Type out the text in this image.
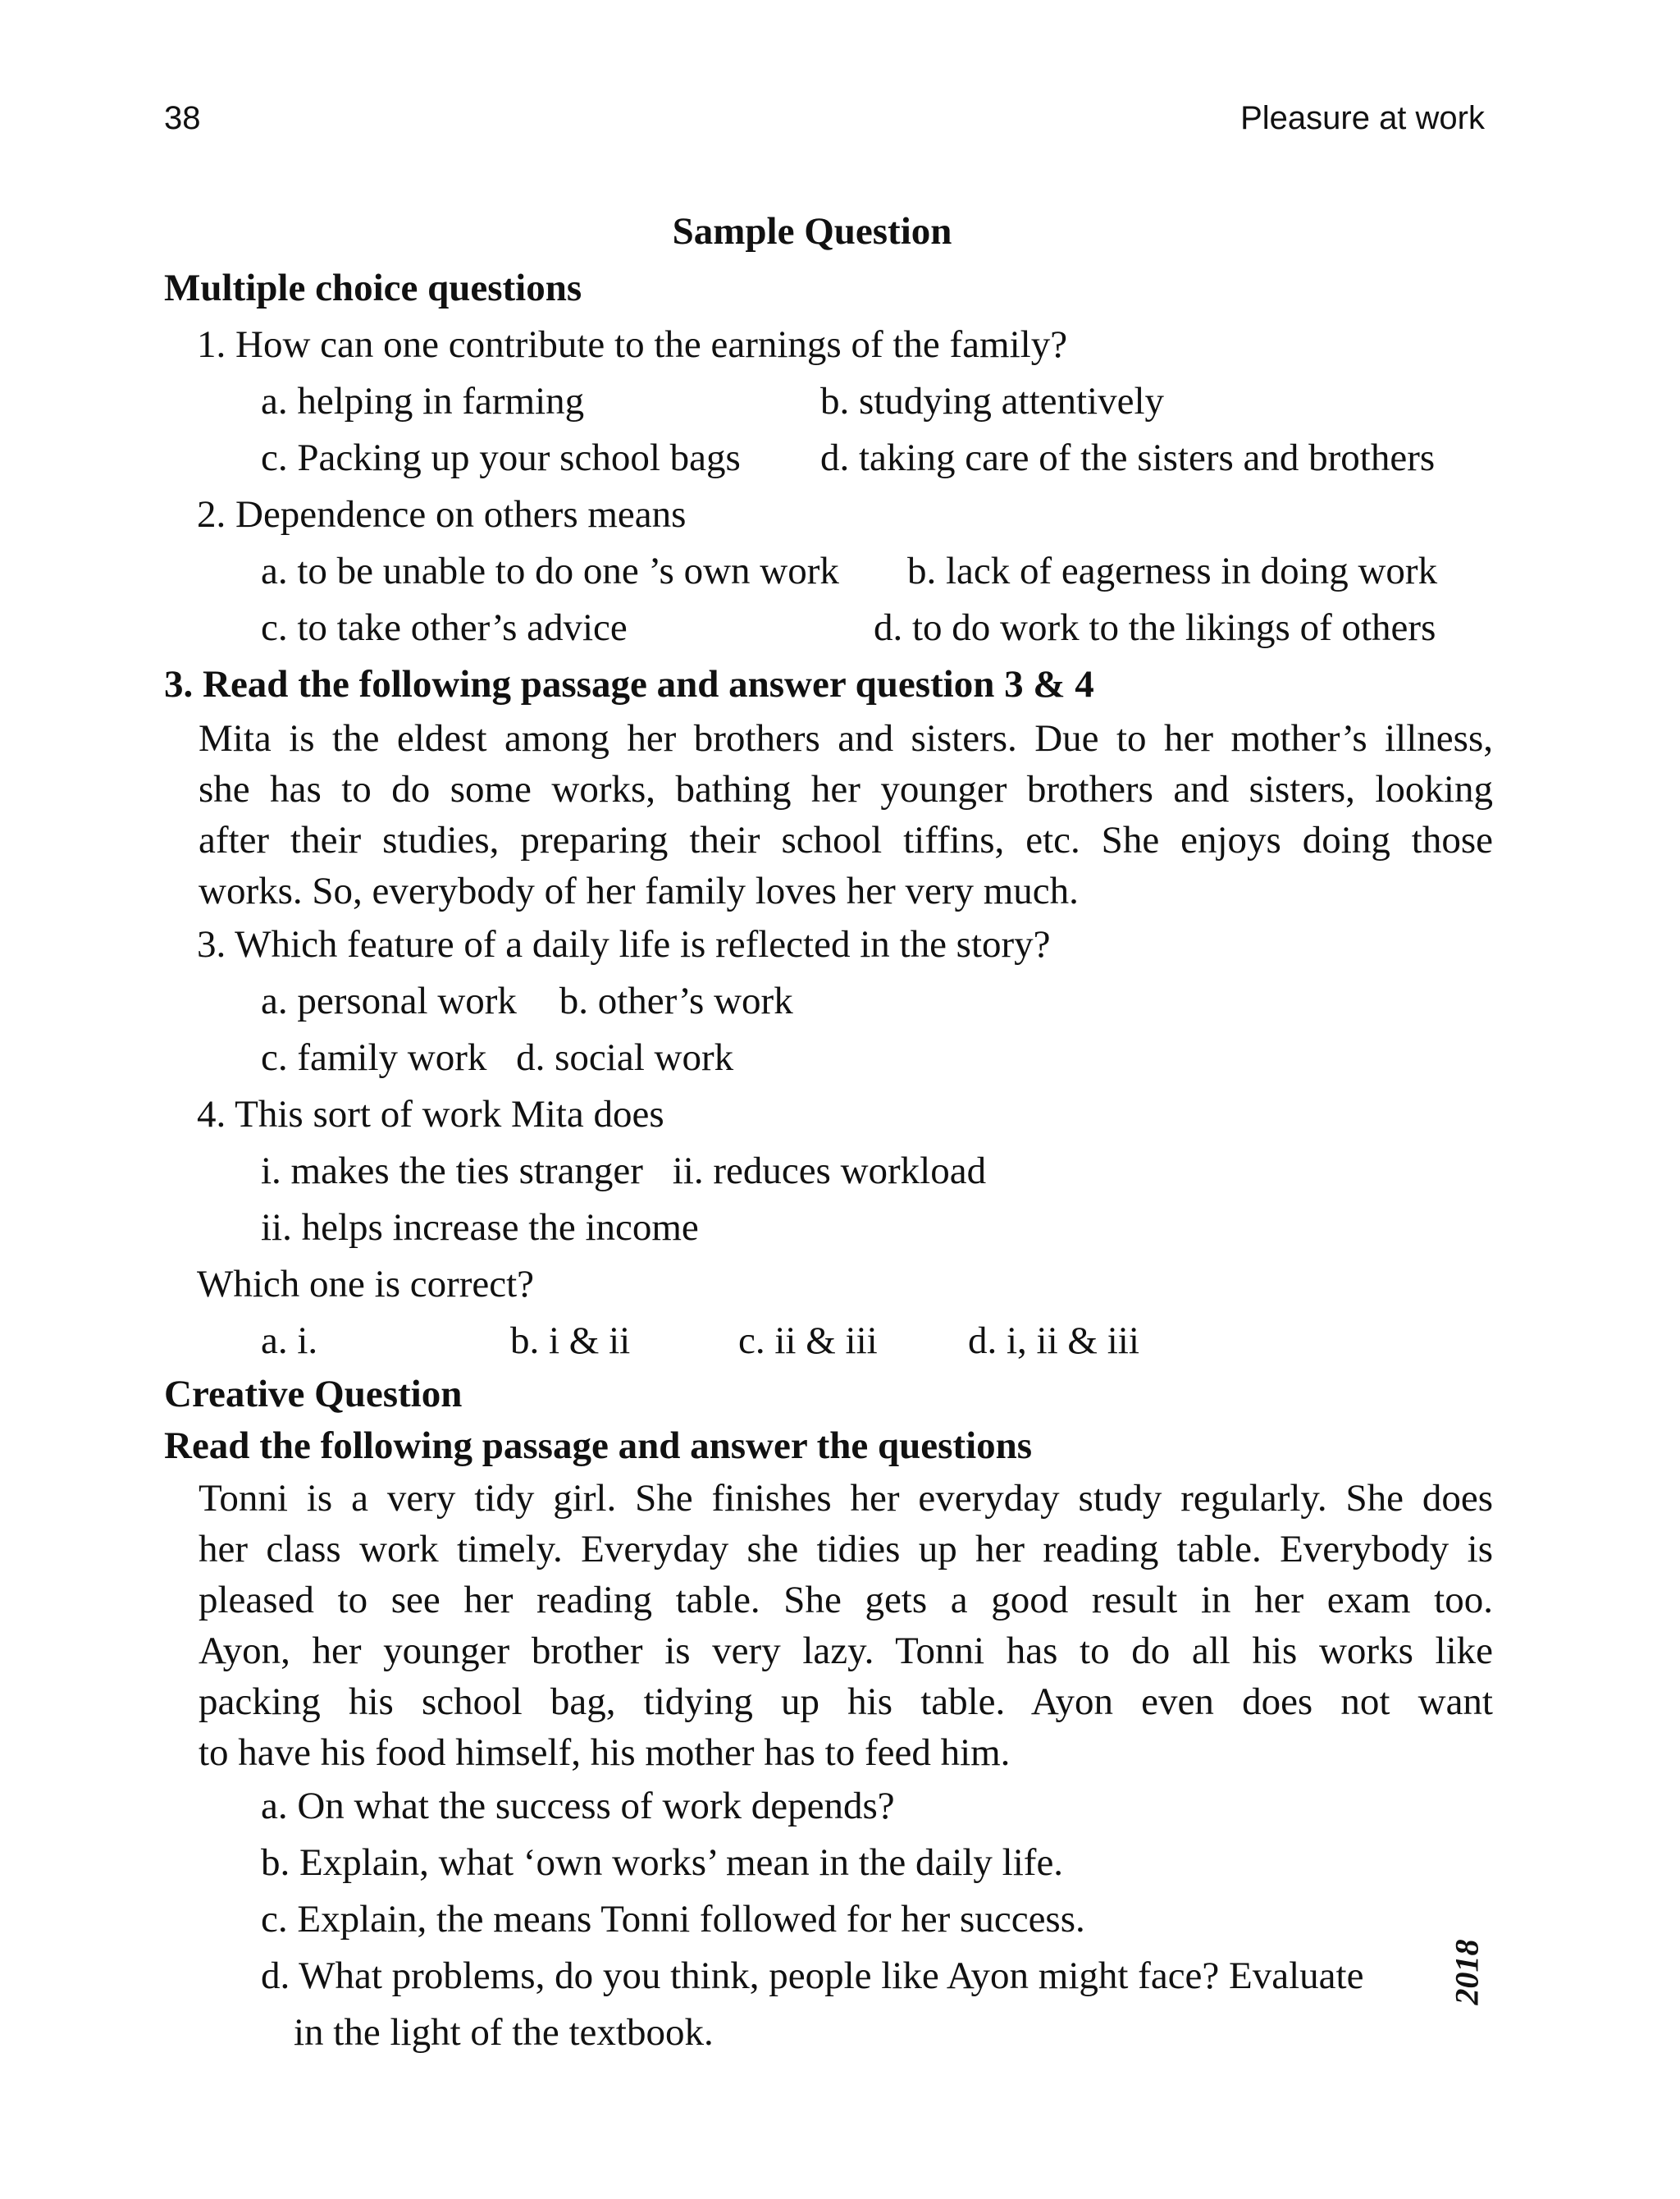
38	Pleasure at work
Sample Question
Multiple choice questions
1. How can one contribute to the earnings of the family?
a. helping in farming	b. studying attentively
c. Packing up your school bags d. taking care of the sisters and brothers
2. Dependence on others means
a. to be unable to do one ’s own work b. lack of eagerness in doing work
c. to take other’s advice	d. to do work to the likings of others
3. Read the following passage and answer question 3 & 4
Mita is the eldest among her brothers and sisters. Due to her mother’s illness,
she has to do some works, bathing her younger brothers and sisters, looking
after their studies, preparing their school tiffins, etc. She enjoys doing those
works. So, everybody of her family loves her very much.
3. Which feature of a daily life is reflected in the story?
a. personal work b. other’s work
c. family work d. social work
4. This sort of work Mita does
i. makes the ties stranger ii. reduces workload
ii. helps increase the income
Which one is correct?
a. i.	b. i & ii	c. ii & iii d. i, ii & iii
Creative Question
Read the following passage and answer the questions
Tonni is a very tidy girl. She finishes her everyday study regularly. She does
her class work timely. Everyday she tidies up her reading table. Everybody is
pleased to see her reading table. She gets a good result in her exam too.
Ayon, her younger brother is very lazy. Tonni has to do all his works like
packing his school bag, tidying up his table. Ayon even does not want
to have his food himself, his mother has to feed him.
a. On what the success of work depends?
b. Explain, what ‘own works’ mean in the daily life.
c. Explain, the means Tonni followed for her success.
d. What problems, do you think, people like Ayon might face? Evaluate
in the light of the textbook.
2018
